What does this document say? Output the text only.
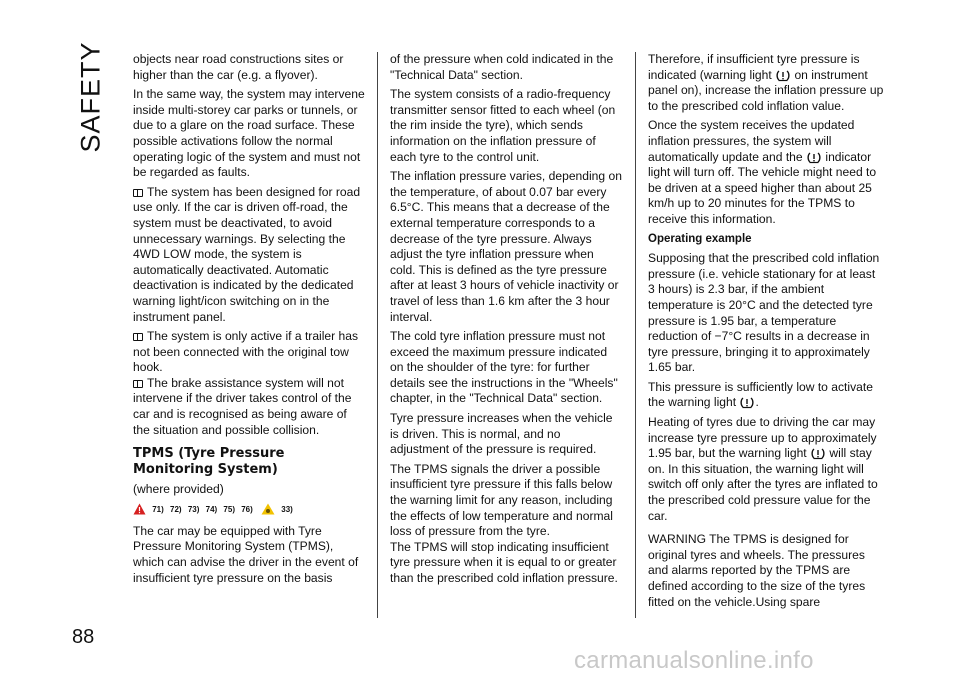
SAFETY objects near road constructions sites or higher than the car (e.g. a flyover).

In the same way, the system may intervene inside multi-storey car parks or tunnels, or due to a glare on the road surface. These possible activations follow the normal operating logic of the system and must not be regarded as faults.

The system has been designed for road use only. If the car is driven off-road, the system must be deactivated, to avoid unnecessary warnings. By selecting the 4WD LOW mode, the system is automatically deactivated. Automatic deactivation is indicated by the dedicated warning light/icon switching on in the instrument panel.

The system is only active if a trailer has not been connected with the original tow hook.

The brake assistance system will not intervene if the driver takes control of the car and is recognised as being aware of the situation and possible collision.

TPMS (Tyre Pressure Monitoring System)

(where provided)

71) 72) 73) 74) 75) 76)	33)

The car may be equipped with Tyre Pressure Monitoring System (TPMS), which can advise the driver in the event of insufficient tyre pressure on the basis

of the pressure when cold indicated in the "Technical Data" section.

The system consists of a radio-frequency transmitter sensor fitted to each wheel (on the rim inside the tyre), which sends information on the inflation pressure of each tyre to the control unit.

The inflation pressure varies, depending on the temperature, of about 0.07 bar every 6.5°C. This means that a decrease of the external temperature corresponds to a decrease of the tyre pressure. Always adjust the tyre inflation pressure when cold. This is defined as the tyre pressure after at least 3 hours of vehicle inactivity or travel of less than 1.6 km after the 3 hour interval.

The cold tyre inflation pressure must not exceed the maximum pressure indicated on the shoulder of the tyre: for further details see the instructions in the "Wheels" chapter, in the "Technical Data" section.

Tyre pressure increases when the vehicle is driven. This is normal, and no adjustment of the pressure is required.

The TPMS signals the driver a possible insufficient tyre pressure if this falls below the warning limit for any reason, including the effects of low temperature and normal loss of pressure from the tyre.

The TPMS will stop indicating insufficient tyre pressure when it is equal to or greater than the prescribed cold inflation pressure.

Therefore, if insufficient tyre pressure is indicated (warning light on instrument panel on), increase the inflation pressure up to the prescribed cold inflation value.

Once the system receives the updated inflation pressures, the system will automatically update and the indicator light will turn off. The vehicle might need to be driven at a speed higher than about 25 km/h up to 20 minutes for the TPMS to receive this information.

Operating example

Supposing that the prescribed cold inflation pressure (i.e. vehicle stationary for at least 3 hours) is 2.3 bar, if the ambient temperature is 20°C and the detected tyre pressure is 1.95 bar, a temperature reduction of −7°C results in a decrease in tyre pressure, bringing it to approximately 1.65 bar.

This pressure is sufficiently low to activate the warning light .

Heating of tyres due to driving the car may increase tyre pressure up to approximately 1.95 bar, but the warning light will stay on. In this situation, the warning light will switch off only after the tyres are inflated to the prescribed cold pressure value for the car.

WARNING The TPMS is designed for original tyres and wheels. The pressures and alarms reported by the TPMS are defined according to the size of the tyres fitted on the vehicle.Using spare

88
carmanualsonline.info
